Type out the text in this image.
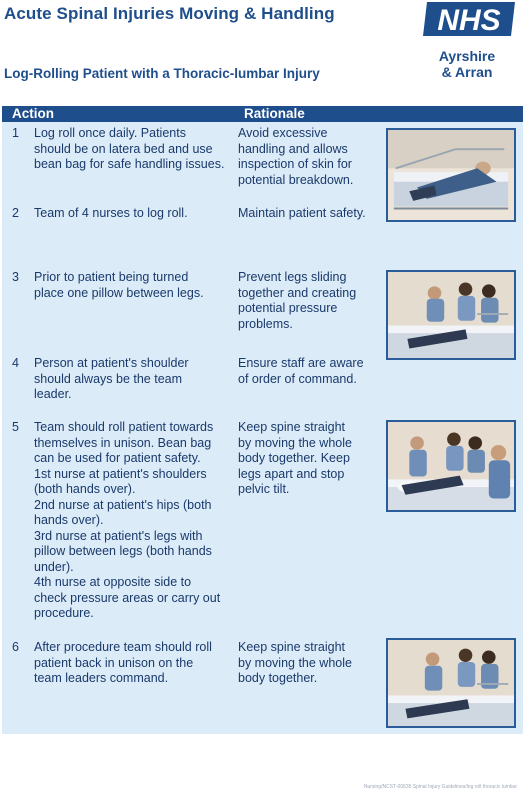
Acute Spinal Injuries Moving & Handling
Log-Rolling Patient with a Thoracic-lumbar Injury
NHS
Ayrshire
& Arran
Action	Rationale
1 Log roll once daily. Patients
should be on latera bed and use
bean bag for safe handling issues.
Avoid excessive
handling and allows
inspection of skin for
potential breakdown.
2 Team of 4 nurses to log roll.	Maintain patient safety.
3 Prior to patient being turned
place one pillow between legs.
Prevent legs sliding
together and creating
potential pressure
problems.
4 Person at patient's shoulder
should always be the team
leader.
Ensure staff are aware
of order of command.
5 Team should roll patient towards
themselves in unison. Bean bag
can be used for patient safety.
1st nurse at patient's shoulders
(both hands over).
2nd nurse at patient's hips (both
hands over).
3rd nurse at patient's legs with
pillow between legs (both hands
under).
4th nurse at opposite side to
check pressure areas or carry out
procedure.
Keep spine straight
by moving the whole
body together. Keep
legs apart and stop
pelvic tilt.
6 After procedure team should roll
patient back in unison on the
team leaders command.
Keep spine straight
by moving the whole
body together.
Nursing/NCST-00635 Spinal Injury Guidelines/log roll thoracic lumbar
